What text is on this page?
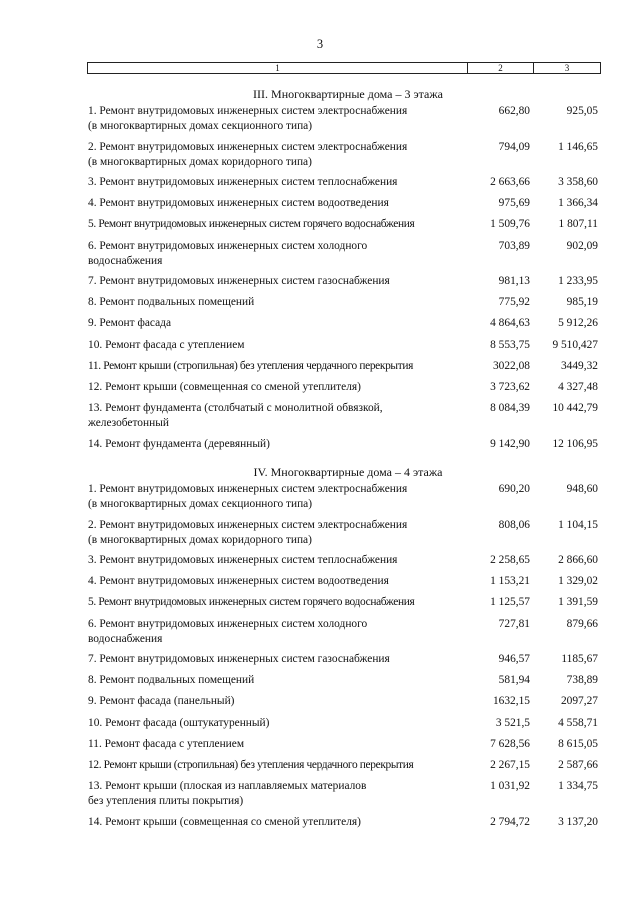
3
1	2	3
III. Многоквартирные дома – 3 этажа
1. Ремонт внутридомовых инженерных систем электроснабжения
(в многоквартирных домах секционного типа)
662,80	925,05
2. Ремонт внутридомовых инженерных систем электроснабжения
(в многоквартирных домах коридорного типа)
794,09	1 146,65
3. Ремонт внутридомовых инженерных систем теплоснабжения	2 663,66	3 358,60
4. Ремонт внутридомовых инженерных систем водоотведения	975,69	1 366,34
5. Ремонт внутридомовых инженерных систем горячего водоснабжения	1 509,76	1 807,11
6. Ремонт внутридомовых инженерных систем холодного
водоснабжения
703,89	902,09
7. Ремонт внутридомовых инженерных систем газоснабжения	981,13	1 233,95
8. Ремонт подвальных помещений	775,92	985,19
9. Ремонт фасада	4 864,63	5 912,26
10. Ремонт фасада с утеплением	8 553,75	9 510,427
11. Ремонт крыши (стропильная) без утепления чердачного перекрытия	3022,08	3449,32
12. Ремонт крыши (совмещенная со сменой утеплителя)	3 723,62	4 327,48
13. Ремонт фундамента (столбчатый с монолитной обвязкой,
железобетонный
8 084,39	10 442,79
14. Ремонт фундамента (деревянный)	9 142,90	12 106,95
IV. Многоквартирные дома – 4 этажа
1. Ремонт внутридомовых инженерных систем электроснабжения
(в многоквартирных домах секционного типа)
690,20	948,60
2. Ремонт внутридомовых инженерных систем электроснабжения
(в многоквартирных домах коридорного типа)
808,06	1 104,15
3. Ремонт внутридомовых инженерных систем теплоснабжения	2 258,65	2 866,60
4. Ремонт внутридомовых инженерных систем водоотведения	1 153,21	1 329,02
5. Ремонт внутридомовых инженерных систем горячего водоснабжения	1 125,57	1 391,59
6. Ремонт внутридомовых инженерных систем холодного
водоснабжения
727,81	879,66
7. Ремонт внутридомовых инженерных систем газоснабжения	946,57	1185,67
8. Ремонт подвальных помещений	581,94	738,89
9. Ремонт фасада (панельный)	1632,15	2097,27
10. Ремонт фасада (оштукатуренный)	3 521,5	4 558,71
11. Ремонт фасада с утеплением	7 628,56	8 615,05
12. Ремонт крыши (стропильная) без утепления чердачного перекрытия	2 267,15	2 587,66
13. Ремонт крыши (плоская из наплавляемых материалов
без утепления плиты покрытия)
1 031,92	1 334,75
14. Ремонт крыши (совмещенная со сменой утеплителя)	2 794,72	3 137,20
